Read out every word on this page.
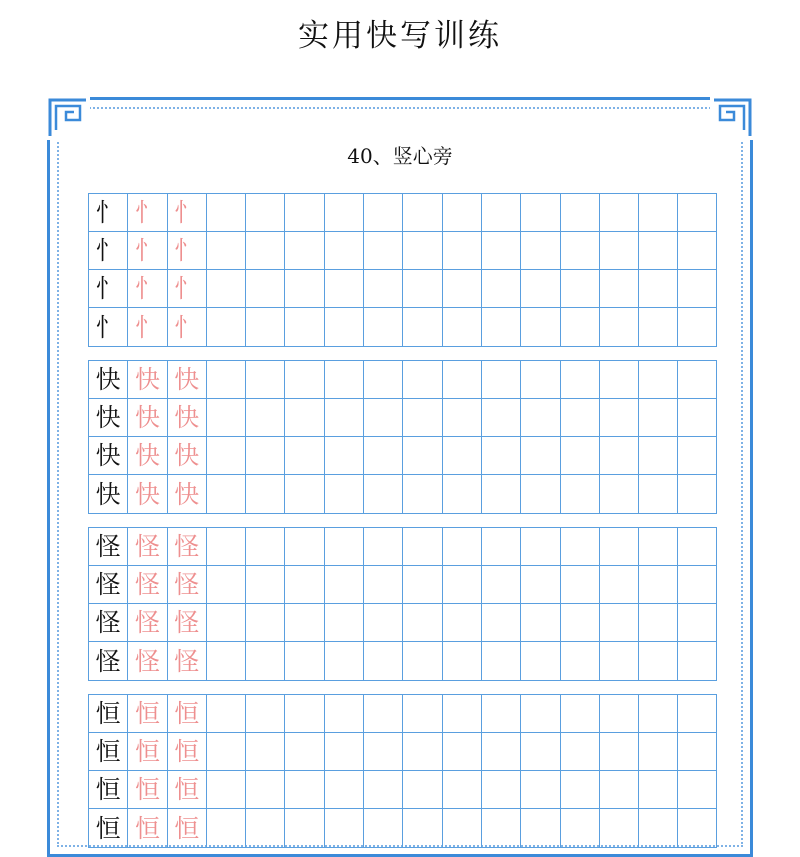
实用快写训练
40、竖心旁
忄 忄 忄
忄 忄 忄
忄 忄 忄
忄 忄 忄
快 快 快
快 快 快
快 快 快
快 快 快
怪 怪 怪
怪 怪 怪
怪 怪 怪
怪 怪 怪
恒 恒 恒
恒 恒 恒
恒 恒 恒
恒 恒 恒
